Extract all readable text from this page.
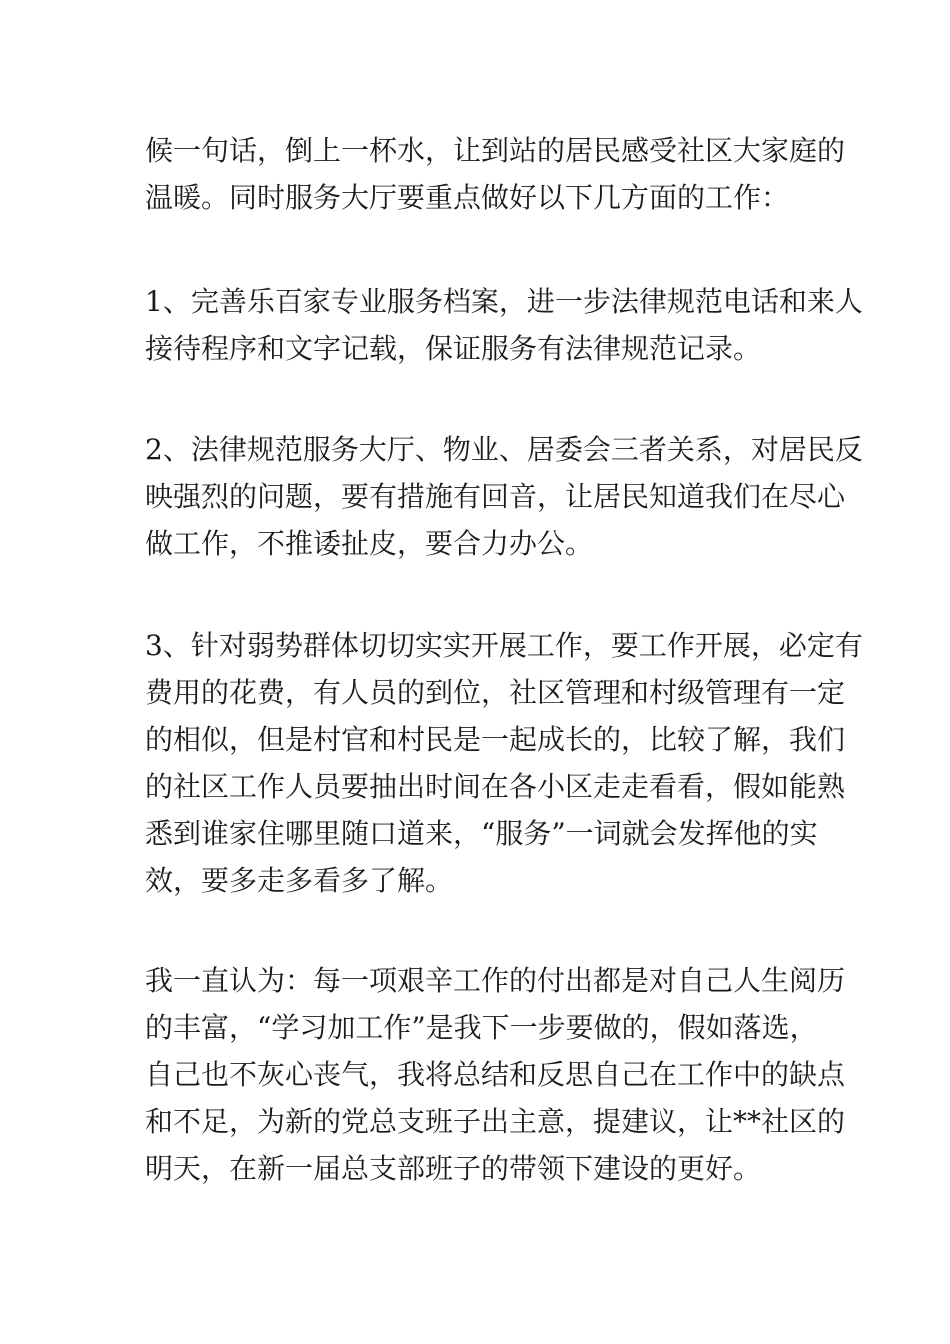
候一句话，倒上一杯水，让到站的居民感受社区大家庭的
温暖。同时服务大厅要重点做好以下几方面的工作：

1、完善乐百家专业服务档案，进一步法律规范电话和来人
接待程序和文字记载，保证服务有法律规范记录。

2、法律规范服务大厅、物业、居委会三者关系，对居民反
映强烈的问题，要有措施有回音，让居民知道我们在尽心
做工作，不推诿扯皮，要合力办公。

3、针对弱势群体切切实实开展工作，要工作开展，必定有
费用的花费，有人员的到位，社区管理和村级管理有一定
的相似，但是村官和村民是一起成长的，比较了解，我们
的社区工作人员要抽出时间在各小区走走看看，假如能熟
悉到谁家住哪里随口道来，“服务”一词就会发挥他的实
效，要多走多看多了解。

我一直认为：每一项艰辛工作的付出都是对自己人生阅历
的丰富，“学习加工作”是我下一步要做的，假如落选，
自己也不灰心丧气，我将总结和反思自己在工作中的缺点
和不足，为新的党总支班子出主意，提建议，让**社区的
明天，在新一届总支部班子的带领下建设的更好。
